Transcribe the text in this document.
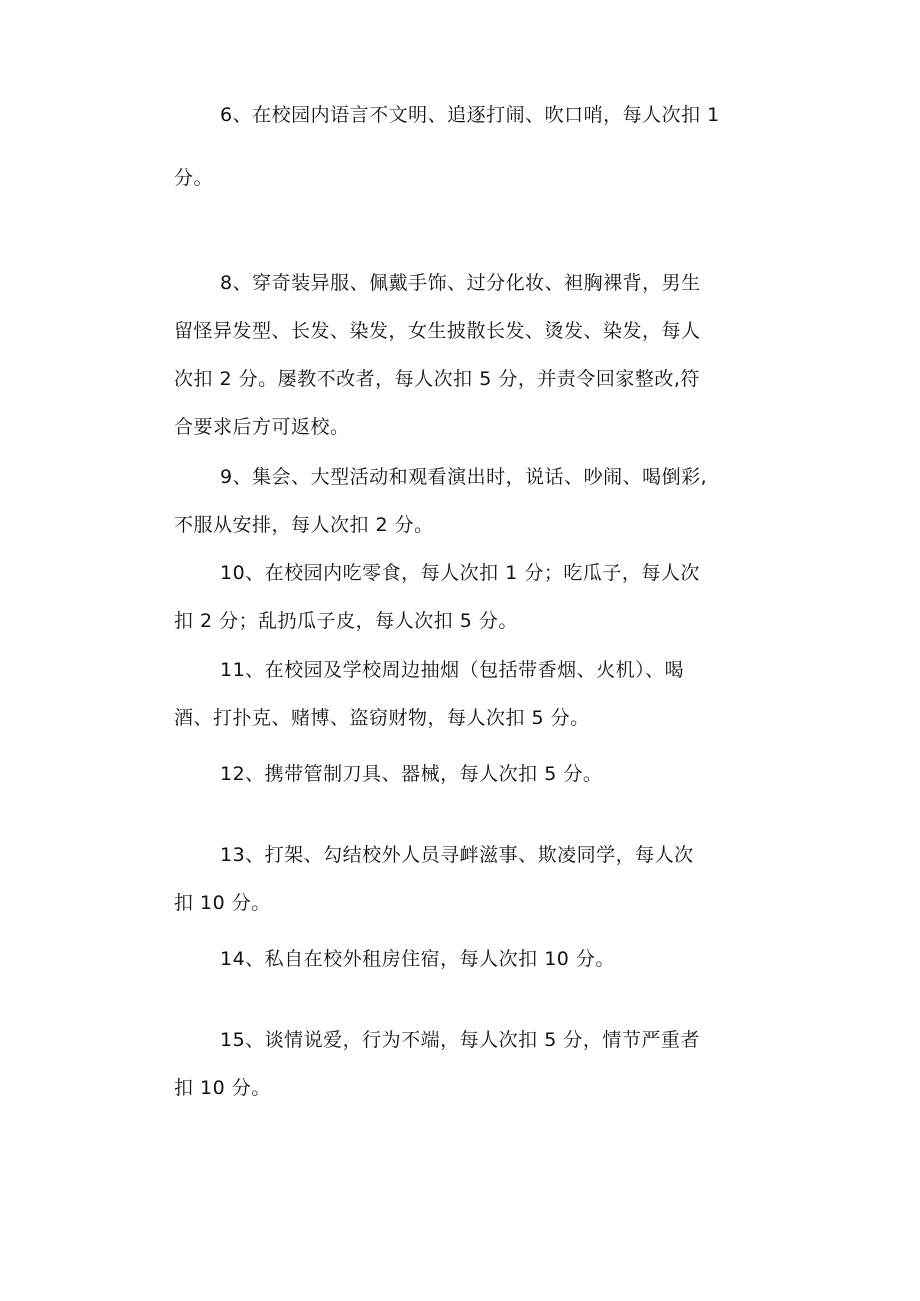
6、在校园内语言不文明、追逐打闹、吹口哨，每人次扣 1
分。
8、穿奇装异服、佩戴手饰、过分化妆、袒胸裸背，男生
留怪异发型、长发、染发，女生披散长发、烫发、染发，每人
次扣 2 分。屡教不改者，每人次扣 5 分，并责令回家整改,符
合要求后方可返校。
9、集会、大型活动和观看演出时，说话、吵闹、喝倒彩,
不服从安排，每人次扣 2 分。
10、在校园内吃零食，每人次扣 1 分；吃瓜子，每人次
扣 2 分；乱扔瓜子皮，每人次扣 5 分。
11、在校园及学校周边抽烟（包括带香烟、火机）、喝
酒、打扑克、赌博、盗窃财物，每人次扣 5 分。
12、携带管制刀具、器械，每人次扣 5 分。
13、打架、勾结校外人员寻衅滋事、欺凌同学，每人次
扣 10 分。
14、私自在校外租房住宿，每人次扣 10 分。
15、谈情说爱，行为不端，每人次扣 5 分，情节严重者
扣 10 分。
